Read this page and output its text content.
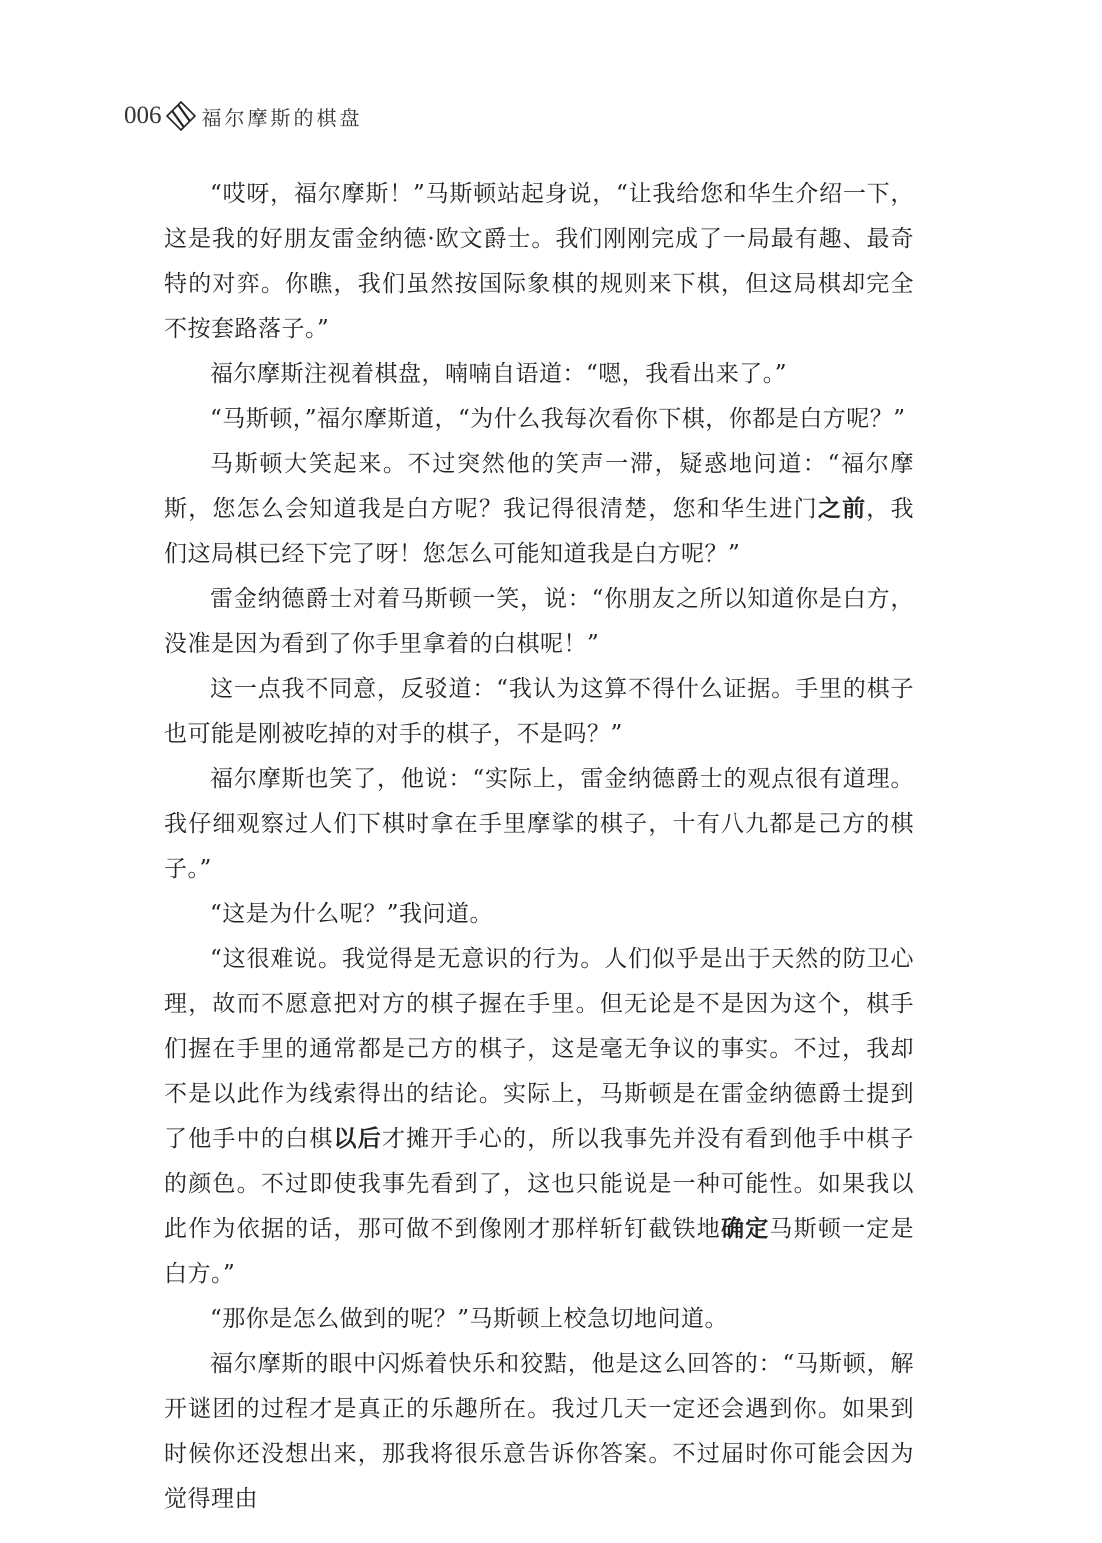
006 福尔摩斯的棋盘

“哎呀，福尔摩斯！”马斯顿站起身说，“让我给您和华生介绍一下，这是我的好朋友雷金纳德·欧文爵士。我们刚刚完成了一局最有趣、最奇特的对弈。你瞧，我们虽然按国际象棋的规则来下棋，但这局棋却完全不按套路落子。”

福尔摩斯注视着棋盘，喃喃自语道：“嗯，我看出来了。”

“马斯顿，”福尔摩斯道，“为什么我每次看你下棋，你都是白方呢？”

马斯顿大笑起来。不过突然他的笑声一滞，疑惑地问道：“福尔摩斯，您怎么会知道我是白方呢？我记得很清楚，您和华生进门之前，我们这局棋已经下完了呀！您怎么可能知道我是白方呢？”

雷金纳德爵士对着马斯顿一笑，说：“你朋友之所以知道你是白方，没准是因为看到了你手里拿着的白棋呢！”

这一点我不同意，反驳道：“我认为这算不得什么证据。手里的棋子也可能是刚被吃掉的对手的棋子，不是吗？”

福尔摩斯也笑了，他说：“实际上，雷金纳德爵士的观点很有道理。我仔细观察过人们下棋时拿在手里摩挲的棋子，十有八九都是己方的棋子。”

“这是为什么呢？”我问道。

“这很难说。我觉得是无意识的行为。人们似乎是出于天然的防卫心理，故而不愿意把对方的棋子握在手里。但无论是不是因为这个，棋手们握在手里的通常都是己方的棋子，这是毫无争议的事实。不过，我却不是以此作为线索得出的结论。实际上，马斯顿是在雷金纳德爵士提到了他手中的白棋以后才摊开手心的，所以我事先并没有看到他手中棋子的颜色。不过即使我事先看到了，这也只能说是一种可能性。如果我以此作为依据的话，那可做不到像刚才那样斩钉截铁地确定马斯顿一定是白方。”

“那你是怎么做到的呢？”马斯顿上校急切地问道。

福尔摩斯的眼中闪烁着快乐和狡黠，他是这么回答的：“马斯顿，解开谜团的过程才是真正的乐趣所在。我过几天一定还会遇到你。如果到时候你还没想出来，那我将很乐意告诉你答案。不过届时你可能会因为觉得理由
